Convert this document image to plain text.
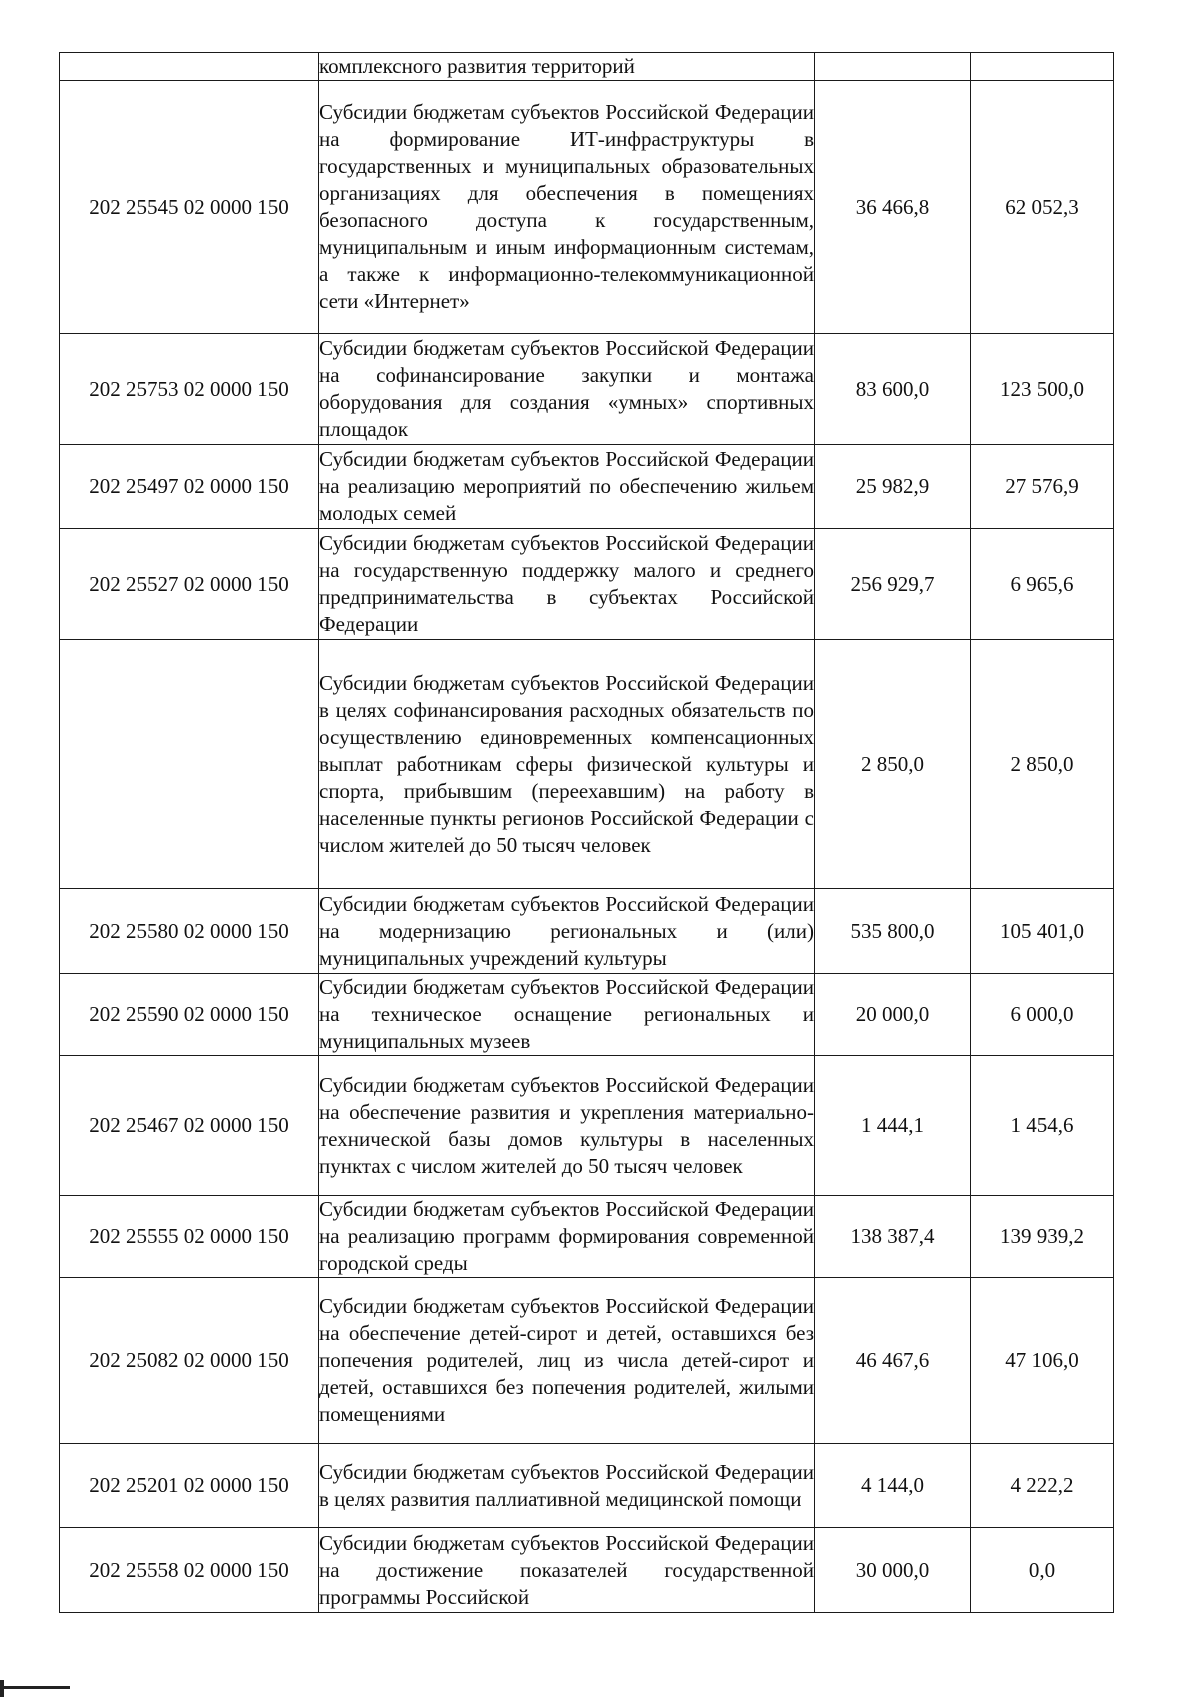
	комплексного развития территорий		
202 25545 02 0000 150	Субсидии бюджетам субъектов Российской Федерации на формирование ИТ-инфраструктуры в государственных и муниципальных образовательных организациях для обеспечения в помещениях безопасного доступа к государственным, муниципальным и иным информационным системам, а также к информационно-телекоммуникационной сети «Интернет»	36 466,8	62 052,3
202 25753 02 0000 150	Субсидии бюджетам субъектов Российской Федерации на софинансирование закупки и монтажа оборудования для создания «умных» спортивных площадок	83 600,0	123 500,0
202 25497 02 0000 150	Субсидии бюджетам субъектов Российской Федерации на реализацию мероприятий по обеспечению жильем молодых семей	25 982,9	27 576,9
202 25527 02 0000 150	Субсидии бюджетам субъектов Российской Федерации на государственную поддержку малого и среднего предпринимательства в субъектах Российской Федерации	256 929,7	6 965,6
	Субсидии бюджетам субъектов Российской Федерации в целях софинансирования расходных обязательств по осуществлению единовременных компенсационных выплат работникам сферы физической культуры и спорта, прибывшим (переехавшим) на работу в населенные пункты регионов Российской Федерации с числом жителей до 50 тысяч человек	2 850,0	2 850,0
202 25580 02 0000 150	Субсидии бюджетам субъектов Российской Федерации на модернизацию региональных и (или) муниципальных учреждений культуры	535 800,0	105 401,0
202 25590 02 0000 150	Субсидии бюджетам субъектов Российской Федерации на техническое оснащение региональных и муниципальных музеев	20 000,0	6 000,0
202 25467 02 0000 150	Субсидии бюджетам субъектов Российской Федерации на обеспечение развития и укрепления материально-технической базы домов культуры в населенных пунктах с числом жителей до 50 тысяч человек	1 444,1	1 454,6
202 25555 02 0000 150	Субсидии бюджетам субъектов Российской Федерации на реализацию программ формирования современной городской среды	138 387,4	139 939,2
202 25082 02 0000 150	Субсидии бюджетам субъектов Российской Федерации на обеспечение детей-сирот и детей, оставшихся без попечения родителей, лиц из числа детей-сирот и детей, оставшихся без попечения родителей, жилыми помещениями	46 467,6	47 106,0
202 25201 02 0000 150	Субсидии бюджетам субъектов Российской Федерации в целях развития паллиативной медицинской помощи	4 144,0	4 222,2
202 25558 02 0000 150	Субсидии бюджетам субъектов Российской Федерации на достижение показателей государственной программы Российской	30 000,0	0,0
